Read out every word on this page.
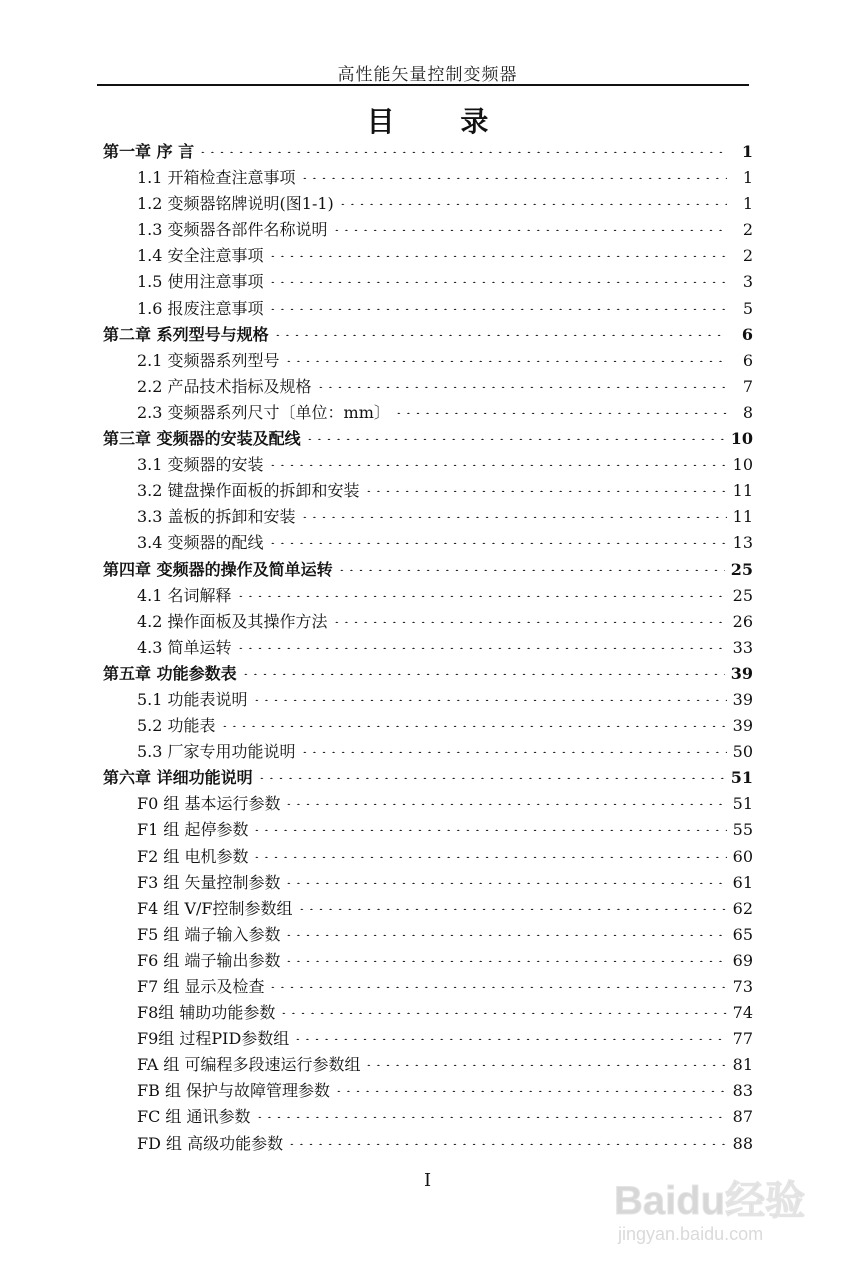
高性能矢量控制变频器
目 录
第一章 序 言	1
1.1 开箱检查注意事项	1
1.2 变频器铭牌说明(图1-1)	1
1.3 变频器各部件名称说明	2
1.4 安全注意事项	2
1.5 使用注意事项	3
1.6 报废注意事项	5
第二章 系列型号与规格	6
2.1 变频器系列型号	6
2.2 产品技术指标及规格	7
2.3 变频器系列尺寸〔单位：mm〕	8
第三章 变频器的安装及配线	10
3.1 变频器的安装	10
3.2 键盘操作面板的拆卸和安装	11
3.3 盖板的拆卸和安装	11
3.4 变频器的配线	13
第四章 变频器的操作及简单运转	25
4.1 名词解释	25
4.2 操作面板及其操作方法	26
4.3 简单运转	33
第五章 功能参数表	39
5.1 功能表说明	39
5.2 功能表	39
5.3 厂家专用功能说明	50
第六章 详细功能说明	51
F0 组 基本运行参数	51
F1 组 起停参数	55
F2 组 电机参数	60
F3 组 矢量控制参数	61
F4 组 V/F控制参数组	62
F5 组 端子输入参数	65
F6 组 端子输出参数	69
F7 组 显示及检查	73
F8组 辅助功能参数	74
F9组 过程PID参数组	77
FA 组 可编程多段速运行参数组	81
FB 组 保护与故障管理参数	83
FC 组 通讯参数	87
FD 组 高级功能参数	88
I	Baidu经验
jingyan.baidu.com
